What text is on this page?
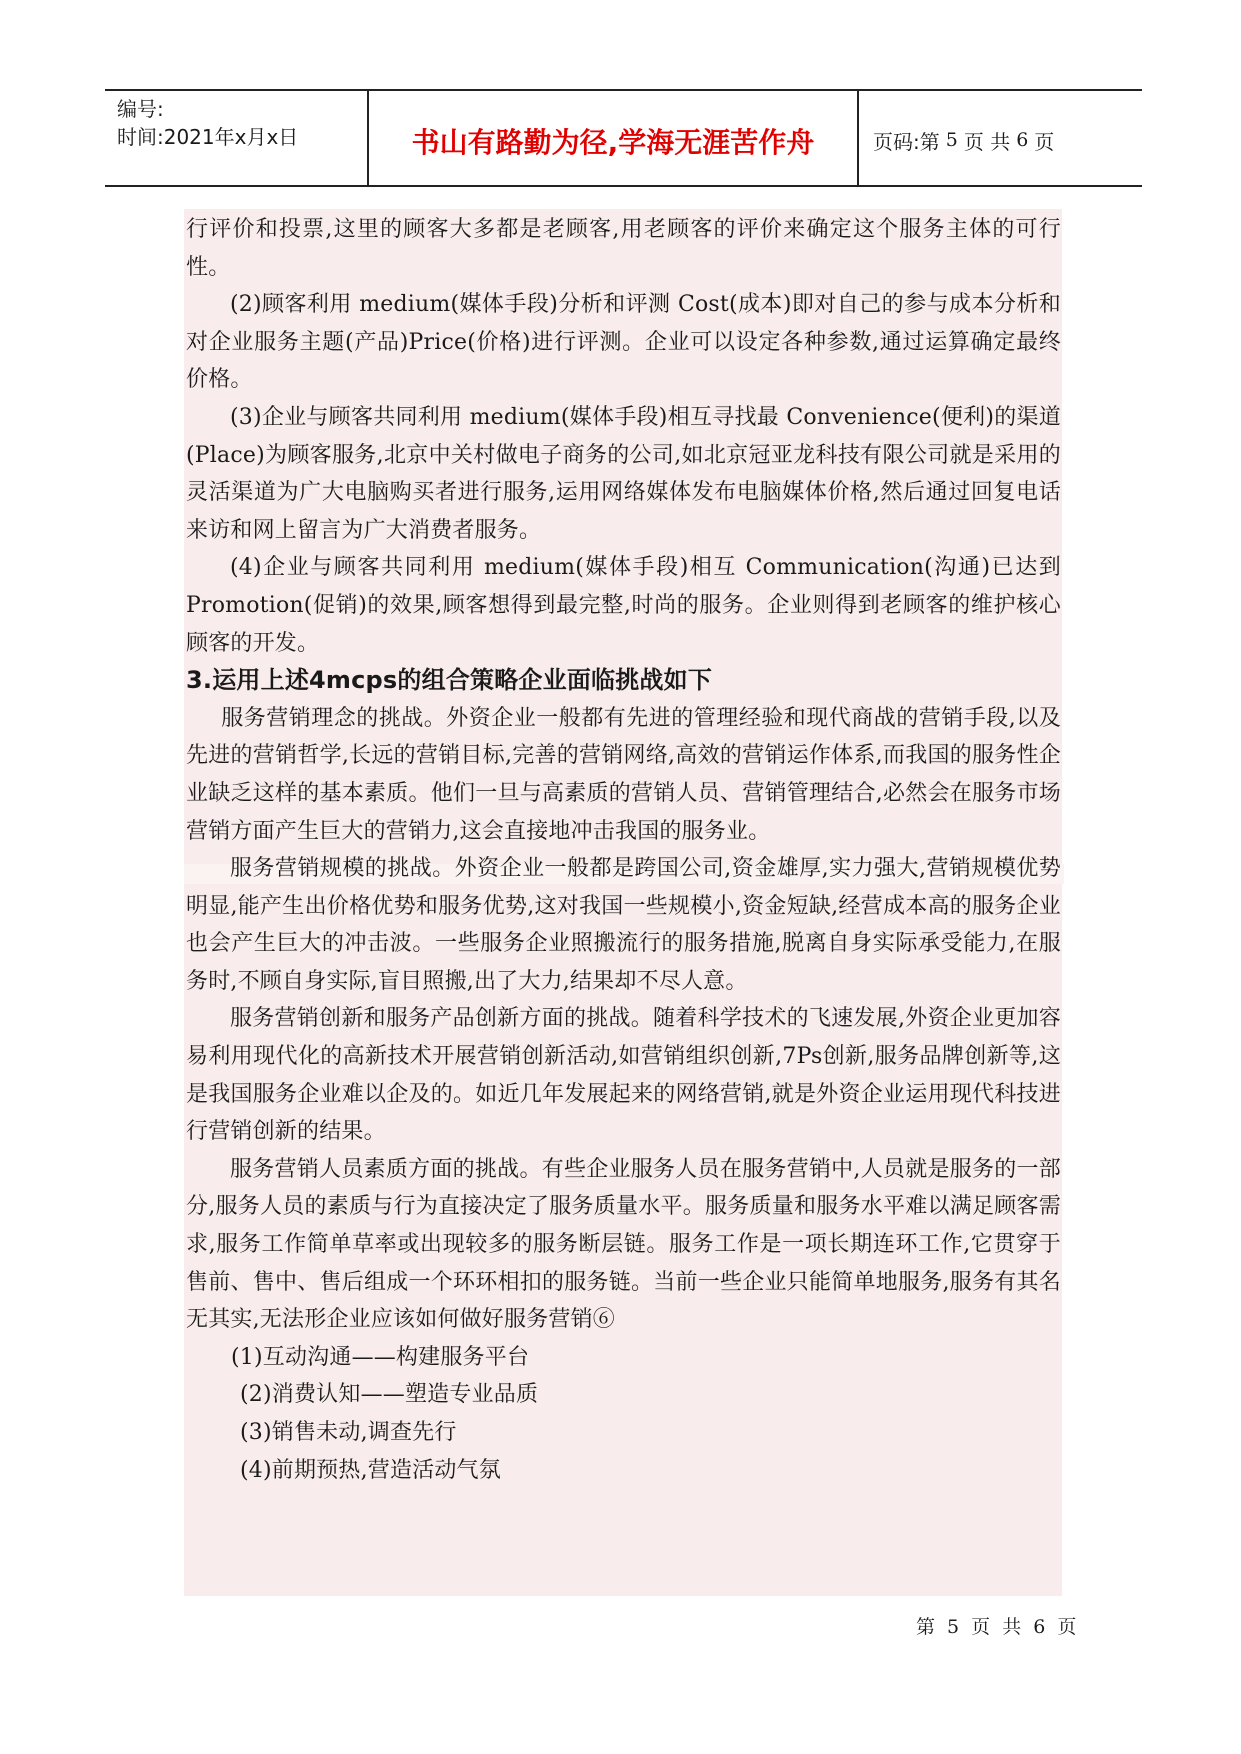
编号:
时间:2021年x月x日	书山有路勤为径,学海无涯苦作舟	页码:第 5 页 共 6 页

行评价和投票,这里的顾客大多都是老顾客,用老顾客的评价来确定这个服务主体的可行性。

(2)顾客利用 medium(媒体手段)分析和评测 Cost(成本)即对自己的参与成本分析和对企业服务主题(产品)Price(价格)进行评测。企业可以设定各种参数,通过运算确定最终价格。

(3)企业与顾客共同利用 medium(媒体手段)相互寻找最 Convenience(便利)的渠道(Place)为顾客服务,北京中关村做电子商务的公司,如北京冠亚龙科技有限公司就是采用的灵活渠道为广大电脑购买者进行服务,运用网络媒体发布电脑媒体价格,然后通过回复电话来访和网上留言为广大消费者服务。

(4)企业与顾客共同利用 medium(媒体手段)相互 Communication(沟通)已达到 Promotion(促销)的效果,顾客想得到最完整,时尚的服务。企业则得到老顾客的维护核心顾客的开发。

3.运用上述4mcps的组合策略企业面临挑战如下

服务营销理念的挑战。外资企业一般都有先进的管理经验和现代商战的营销手段,以及先进的营销哲学,长远的营销目标,完善的营销网络,高效的营销运作体系,而我国的服务性企业缺乏这样的基本素质。他们一旦与高素质的营销人员、营销管理结合,必然会在服务市场营销方面产生巨大的营销力,这会直接地冲击我国的服务业。

服务营销规模的挑战。外资企业一般都是跨国公司,资金雄厚,实力强大,营销规模优势明显,能产生出价格优势和服务优势,这对我国一些规模小,资金短缺,经营成本高的服务企业也会产生巨大的冲击波。一些服务企业照搬流行的服务措施,脱离自身实际承受能力,在服务时,不顾自身实际,盲目照搬,出了大力,结果却不尽人意。

服务营销创新和服务产品创新方面的挑战。随着科学技术的飞速发展,外资企业更加容易利用现代化的高新技术开展营销创新活动,如营销组织创新,7Ps创新,服务品牌创新等,这是我国服务企业难以企及的。如近几年发展起来的网络营销,就是外资企业运用现代科技进行营销创新的结果。

服务营销人员素质方面的挑战。有些企业服务人员在服务营销中,人员就是服务的一部分,服务人员的素质与行为直接决定了服务质量水平。服务质量和服务水平难以满足顾客需求,服务工作简单草率或出现较多的服务断层链。服务工作是一项长期连环工作,它贯穿于售前、售中、售后组成一个环环相扣的服务链。当前一些企业只能简单地服务,服务有其名无其实,无法形企业应该如何做好服务营销⑥

(1)互动沟通——构建服务平台
(2)消费认知——塑造专业品质
(3)销售未动,调查先行
(4)前期预热,营造活动气氛
第 5 页 共 6 页
